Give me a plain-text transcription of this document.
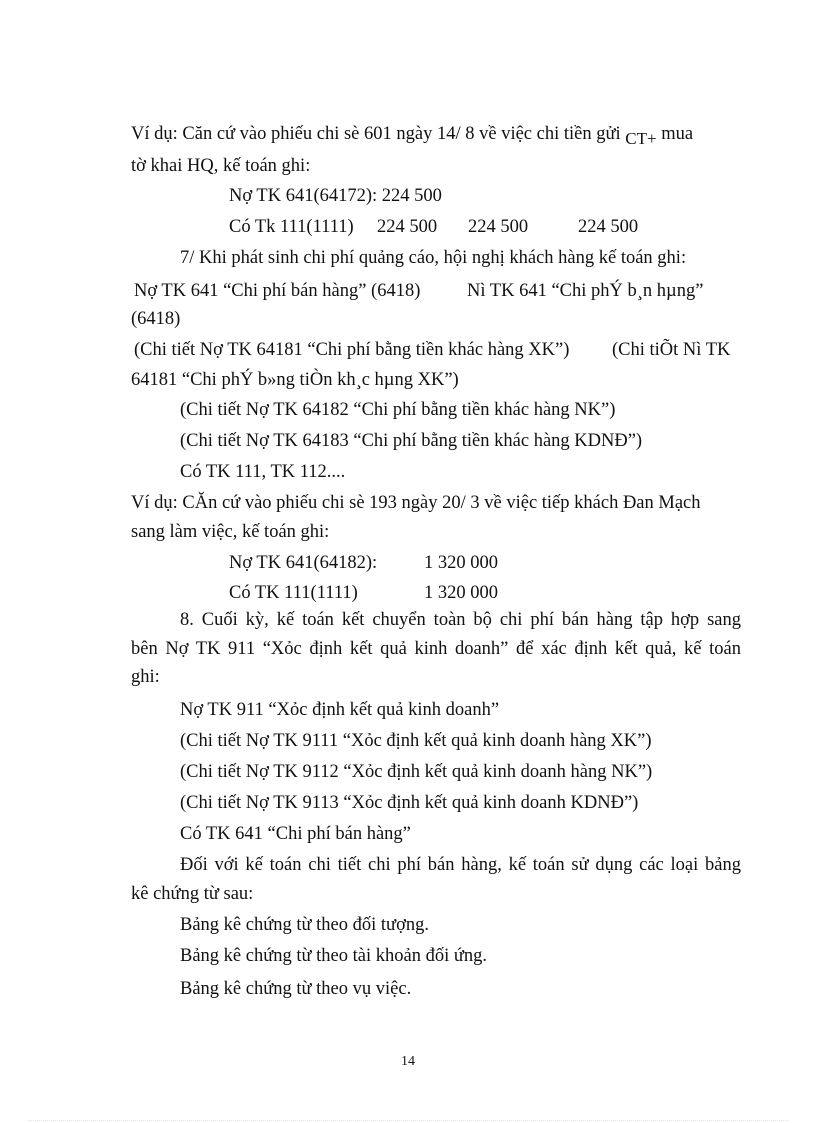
Ví dụ: Căn cứ vào phiếu chi sè 601 ngày 14/ 8 về việc chi tiền gửi CT+ mua
tờ khai HQ, kế toán ghi:
Nợ TK 641(64172): 224 500
Có Tk 111(1111) 224 500 224 500	224 500
7/ Khi phát sinh chi phí quảng cáo, hội nghị khách hàng kế toán ghi:
Nợ TK 641 “Chi phí bán hàng” (6418)	Nì TK 641 “Chi phÝ b¸n hµng”
(6418)
(Chi tiết Nợ TK 64181 “Chi phí bằng tiền khác hàng XK”) (Chi tiÕt Nì TK
64181 “Chi phÝ b»ng tiÒn kh¸c hµng XK”)
(Chi tiết Nợ TK 64182 “Chi phí bằng tiền khác hàng NK”)
(Chi tiết Nợ TK 64183 “Chi phí bằng tiền khác hàng KDNĐ”)
Có TK 111, TK 112....
Ví dụ: CĂn cứ vào phiếu chi sè 193 ngày 20/ 3 về việc tiếp khách Đan Mạch
sang làm việc, kế toán ghi:
Nợ TK 641(64182):	1 320 000
Có TK 111(1111)	1 320 000
8. Cuối kỳ, kế toán kết chuyển toàn bộ chi phí bán hàng tập hợp sang
bên Nợ TK 911 “Xỏc định kết quả kinh doanh” để xác định kết quả, kế toán
ghi:
Nợ TK 911 “Xỏc định kết quả kinh doanh”
(Chi tiết Nợ TK 9111 “Xỏc định kết quả kinh doanh hàng XK”)
(Chi tiết Nợ TK 9112 “Xỏc định kết quả kinh doanh hàng NK”)
(Chi tiết Nợ TK 9113 “Xỏc định kết quả kinh doanh KDNĐ”)
Có TK 641 “Chi phí bán hàng”
Đối với kế toán chi tiết chi phí bán hàng, kế toán sử dụng các loại bảng
kê chứng từ sau:
Bảng kê chứng từ theo đối tượng.
Bảng kê chứng từ theo tài khoản đối ứng.
Bảng kê chứng từ theo vụ việc.
14
